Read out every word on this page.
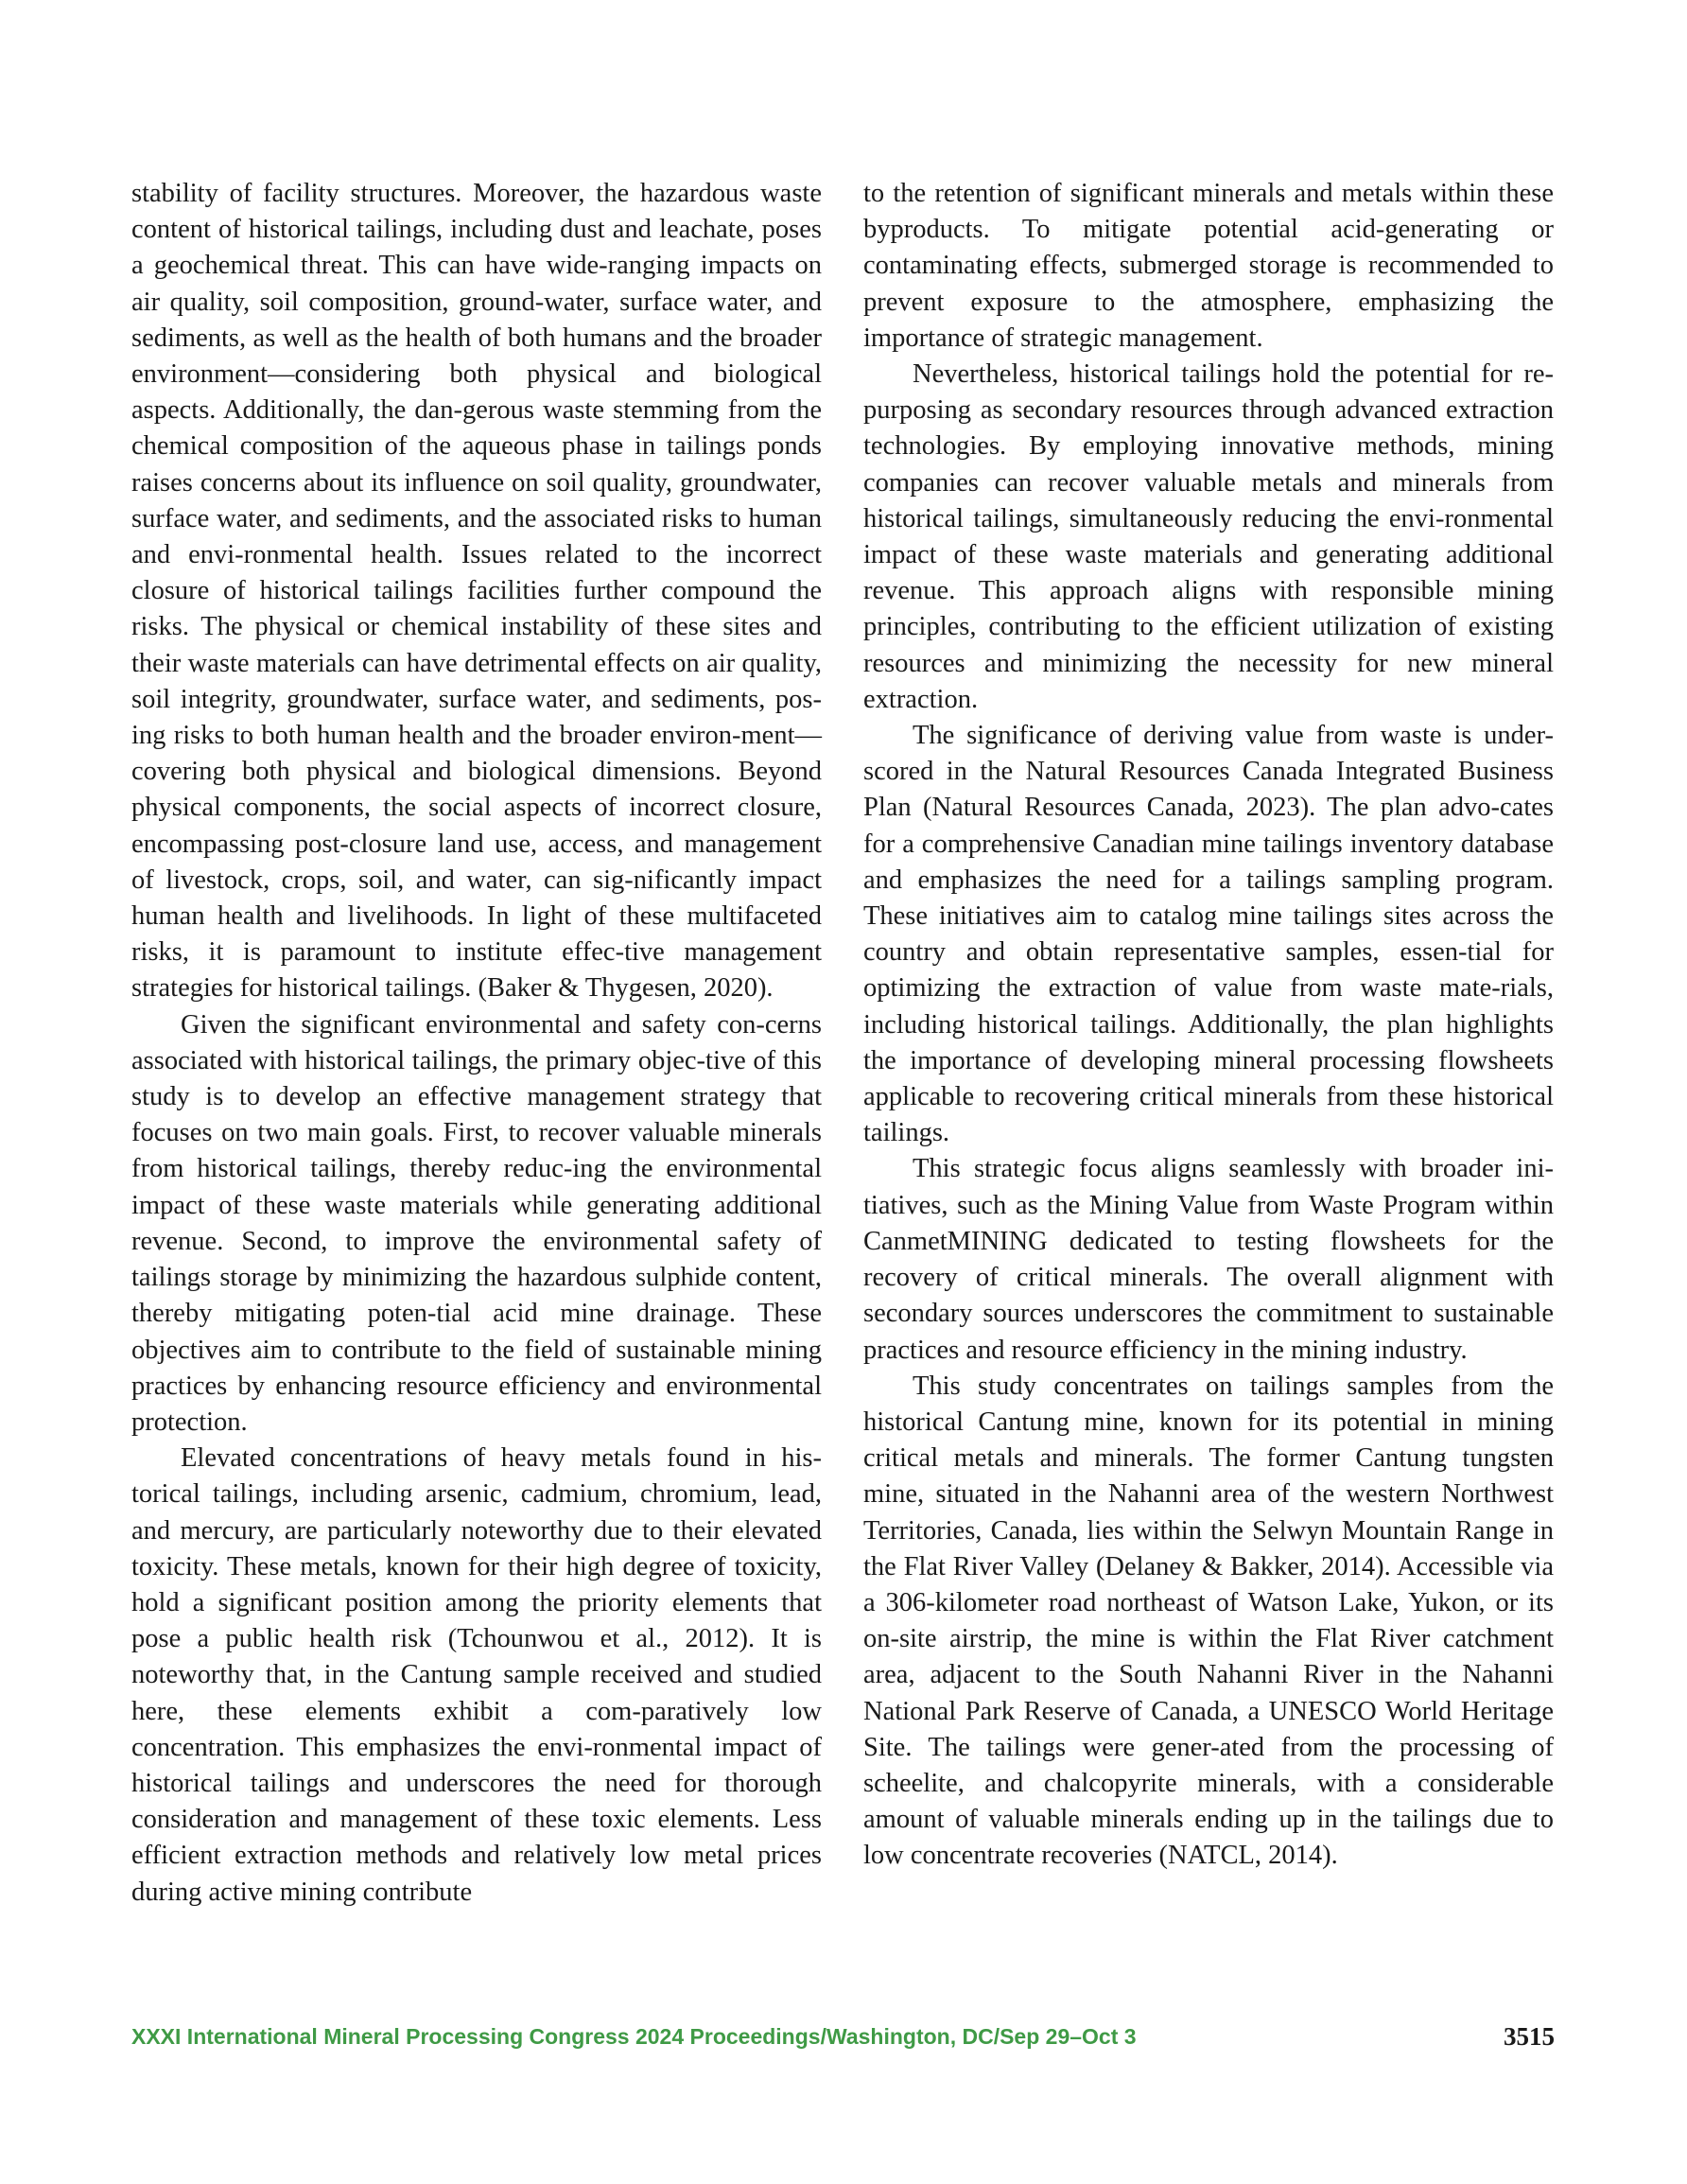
stability of facility structures. Moreover, the hazardous waste content of historical tailings, including dust and leachate, poses a geochemical threat. This can have wide-ranging impacts on air quality, soil composition, ground-water, surface water, and sediments, as well as the health of both humans and the broader environment—considering both physical and biological aspects. Additionally, the dan-gerous waste stemming from the chemical composition of the aqueous phase in tailings ponds raises concerns about its influence on soil quality, groundwater, surface water, and sediments, and the associated risks to human and envi-ronmental health. Issues related to the incorrect closure of historical tailings facilities further compound the risks. The physical or chemical instability of these sites and their waste materials can have detrimental effects on air quality, soil integrity, groundwater, surface water, and sediments, pos-ing risks to both human health and the broader environ-ment—covering both physical and biological dimensions. Beyond physical components, the social aspects of incorrect closure, encompassing post-closure land use, access, and management of livestock, crops, soil, and water, can sig-nificantly impact human health and livelihoods. In light of these multifaceted risks, it is paramount to institute effec-tive management strategies for historical tailings. (Baker & Thygesen, 2020).

Given the significant environmental and safety con-cerns associated with historical tailings, the primary objec-tive of this study is to develop an effective management strategy that focuses on two main goals. First, to recover valuable minerals from historical tailings, thereby reduc-ing the environmental impact of these waste materials while generating additional revenue. Second, to improve the environmental safety of tailings storage by minimizing the hazardous sulphide content, thereby mitigating poten-tial acid mine drainage. These objectives aim to contribute to the field of sustainable mining practices by enhancing resource efficiency and environmental protection.

Elevated concentrations of heavy metals found in his-torical tailings, including arsenic, cadmium, chromium, lead, and mercury, are particularly noteworthy due to their elevated toxicity. These metals, known for their high degree of toxicity, hold a significant position among the priority elements that pose a public health risk (Tchounwou et al., 2012). It is noteworthy that, in the Cantung sample received and studied here, these elements exhibit a com-paratively low concentration. This emphasizes the envi-ronmental impact of historical tailings and underscores the need for thorough consideration and management of these toxic elements. Less efficient extraction methods and relatively low metal prices during active mining contribute

to the retention of significant minerals and metals within these byproducts. To mitigate potential acid-generating or contaminating effects, submerged storage is recommended to prevent exposure to the atmosphere, emphasizing the importance of strategic management.

Nevertheless, historical tailings hold the potential for re-purposing as secondary resources through advanced extraction technologies. By employing innovative methods, mining companies can recover valuable metals and minerals from historical tailings, simultaneously reducing the envi-ronmental impact of these waste materials and generating additional revenue. This approach aligns with responsible mining principles, contributing to the efficient utilization of existing resources and minimizing the necessity for new mineral extraction.

The significance of deriving value from waste is under-scored in the Natural Resources Canada Integrated Business Plan (Natural Resources Canada, 2023). The plan advo-cates for a comprehensive Canadian mine tailings inventory database and emphasizes the need for a tailings sampling program. These initiatives aim to catalog mine tailings sites across the country and obtain representative samples, essen-tial for optimizing the extraction of value from waste mate-rials, including historical tailings. Additionally, the plan highlights the importance of developing mineral processing flowsheets applicable to recovering critical minerals from these historical tailings.

This strategic focus aligns seamlessly with broader ini-tiatives, such as the Mining Value from Waste Program within CanmetMINING dedicated to testing flowsheets for the recovery of critical minerals. The overall alignment with secondary sources underscores the commitment to sustainable practices and resource efficiency in the mining industry.

This study concentrates on tailings samples from the historical Cantung mine, known for its potential in mining critical metals and minerals. The former Cantung tungsten mine, situated in the Nahanni area of the western Northwest Territories, Canada, lies within the Selwyn Mountain Range in the Flat River Valley (Delaney & Bakker, 2014). Accessible via a 306-kilometer road northeast of Watson Lake, Yukon, or its on-site airstrip, the mine is within the Flat River catchment area, adjacent to the South Nahanni River in the Nahanni National Park Reserve of Canada, a UNESCO World Heritage Site. The tailings were gener-ated from the processing of scheelite, and chalcopyrite minerals, with a considerable amount of valuable minerals ending up in the tailings due to low concentrate recoveries (NATCL, 2014).

XXXI International Mineral Processing Congress 2024 Proceedings/Washington, DC/Sep 29–Oct 3	3515
